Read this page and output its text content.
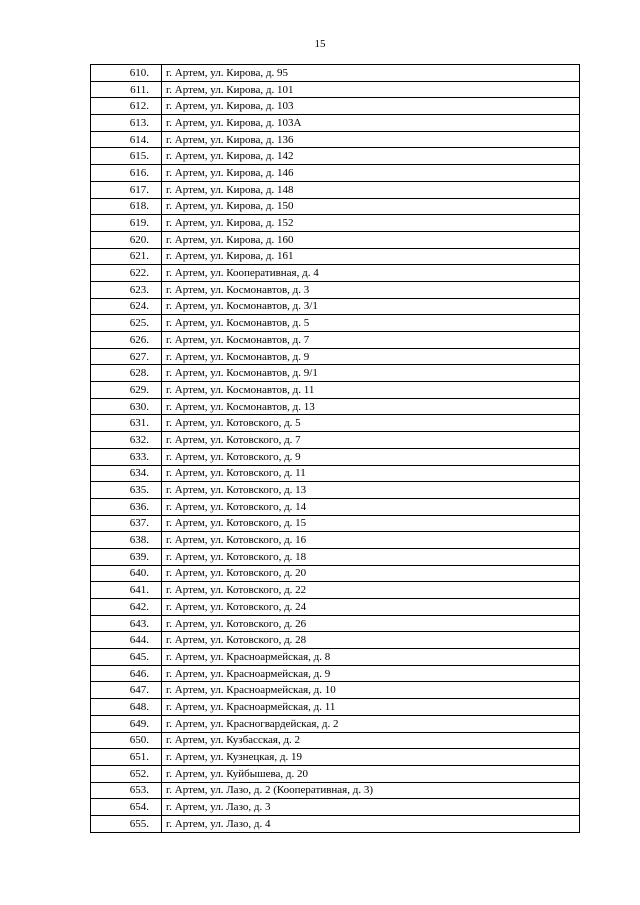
15
610.	г. Артем, ул. Кирова, д. 95
611.	г. Артем, ул. Кирова, д. 101
612.	г. Артем, ул. Кирова, д. 103
613.	г. Артем, ул. Кирова, д. 103А
614.	г. Артем, ул. Кирова, д. 136
615.	г. Артем, ул. Кирова, д. 142
616.	г. Артем, ул. Кирова, д. 146
617.	г. Артем, ул. Кирова, д. 148
618.	г. Артем, ул. Кирова, д. 150
619.	г. Артем, ул. Кирова, д. 152
620.	г. Артем, ул. Кирова, д. 160
621.	г. Артем, ул. Кирова, д. 161
622.	г. Артем, ул. Кооперативная, д. 4
623.	г. Артем, ул. Космонавтов, д. 3
624.	г. Артем, ул. Космонавтов, д. 3/1
625.	г. Артем, ул. Космонавтов, д. 5
626.	г. Артем, ул. Космонавтов, д. 7
627.	г. Артем, ул. Космонавтов, д. 9
628.	г. Артем, ул. Космонавтов, д. 9/1
629.	г. Артем, ул. Космонавтов, д. 11
630.	г. Артем, ул. Космонавтов, д. 13
631.	г. Артем, ул. Котовского, д. 5
632.	г. Артем, ул. Котовского, д. 7
633.	г. Артем, ул. Котовского, д. 9
634.	г. Артем, ул. Котовского, д. 11
635.	г. Артем, ул. Котовского, д. 13
636.	г. Артем, ул. Котовского, д. 14
637.	г. Артем, ул. Котовского, д. 15
638.	г. Артем, ул. Котовского, д. 16
639.	г. Артем, ул. Котовского, д. 18
640.	г. Артем, ул. Котовского, д. 20
641.	г. Артем, ул. Котовского, д. 22
642.	г. Артем, ул. Котовского, д. 24
643.	г. Артем, ул. Котовского, д. 26
644.	г. Артем, ул. Котовского, д. 28
645.	г. Артем, ул. Красноармейская, д. 8
646.	г. Артем, ул. Красноармейская, д. 9
647.	г. Артем, ул. Красноармейская, д. 10
648.	г. Артем, ул. Красноармейская, д. 11
649.	г. Артем, ул. Красногвардейская, д. 2
650.	г. Артем, ул. Кузбасская, д. 2
651.	г. Артем, ул. Кузнецкая, д. 19
652.	г. Артем, ул. Куйбышева, д. 20
653.	г. Артем, ул. Лазо, д. 2 (Кооперативная, д. 3)
654.	г. Артем, ул. Лазо, д. 3
655.	г. Артем, ул. Лазо, д. 4
